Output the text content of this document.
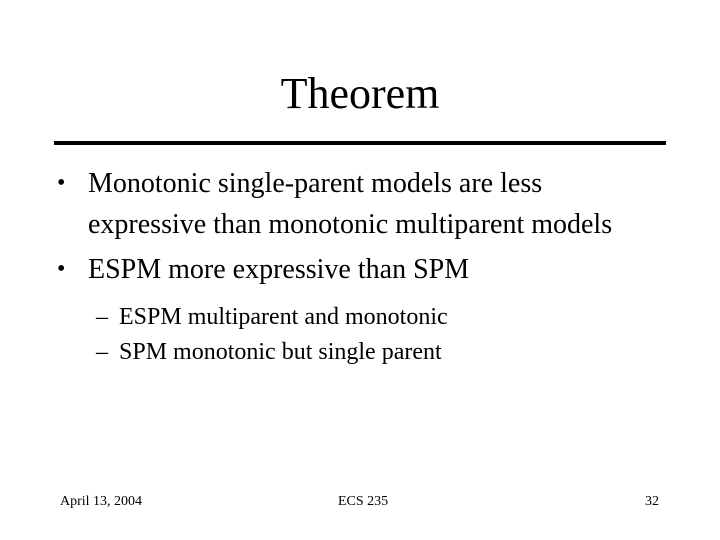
Theorem

• Monotonic single-parent models are less expressive than monotonic multiparent models

• ESPM more expressive than SPM

– ESPM multiparent and monotonic

– SPM monotonic but single parent

April 13, 2004	ECS 235	32
